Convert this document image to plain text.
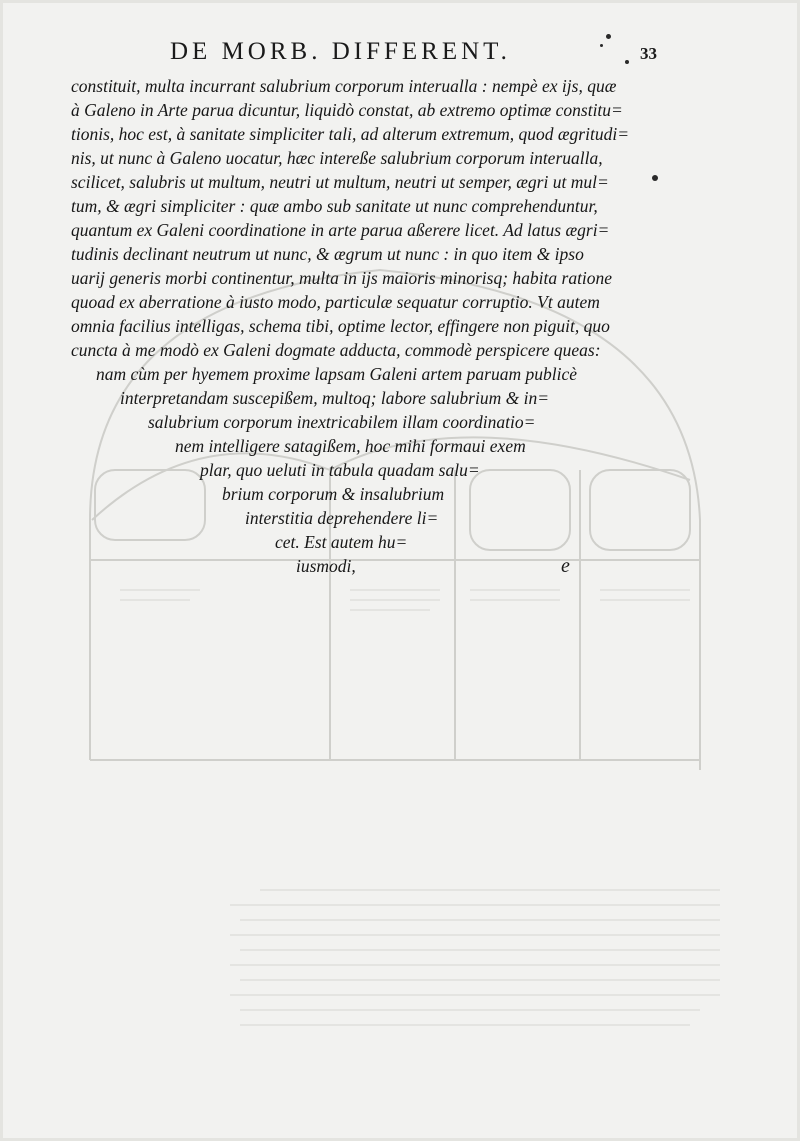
DE MORB. DIFFERENT.	33
constituit, multa incurrant salubrium corporum interualla : nempè ex ijs, quæ
à Galeno in Arte parua dicuntur, liquidò constat, ab extremo optimæ constitu=
tionis, hoc est, à sanitate simpliciter tali, ad alterum extremum, quod ægritudi=
nis, ut nunc à Galeno uocatur, hæc intereße salubrium corporum interualla,
scilicet, salubris ut multum, neutri ut multum, neutri ut semper, ægri ut mul=
tum, & ægri simpliciter : quæ ambo sub sanitate ut nunc comprehenduntur,
quantum ex Galeni coordinatione in arte parua aßerere licet. Ad latus ægri=
tudinis declinant neutrum ut nunc, & ægrum ut nunc : in quo item & ipso
uarij generis morbi continentur, multa in ijs maioris minorisq; habita ratione
quoad ex aberratione à iusto modo, particulæ sequatur corruptio. Vt autem
omnia facilius intelligas, schema tibi, optime lector, effingere non piguit, quo
cuncta à me modò ex Galeni dogmate adducta, commodè perspicere queas:
nam cùm per hyemem proxime lapsam Galeni artem paruam publicè
interpretandam suscepißem, multoq; labore salubrium & in=
salubrium corporum inextricabilem illam coordinatio=
nem intelligere satagißem, hoc mihi formaui exem
plar, quo ueluti in tabula quadam salu=
brium corporum & insalubrium
interstitia deprehendere li=
cet. Est autem hu=
iusmodi,	e
